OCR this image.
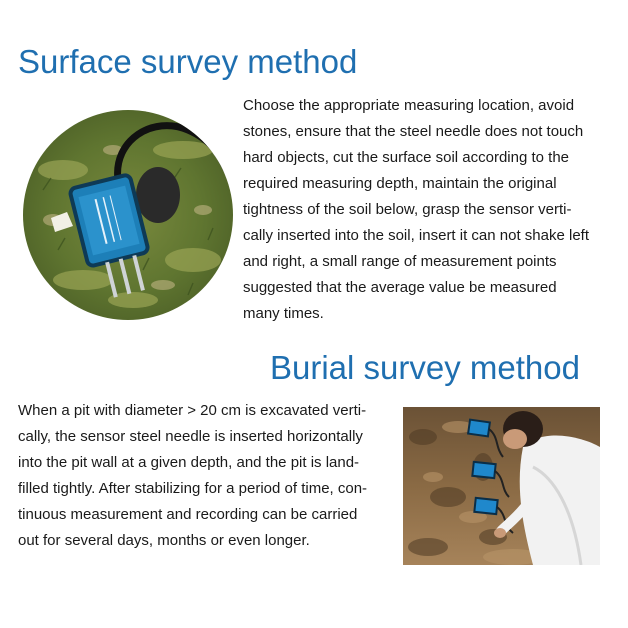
Surface survey method

Choose the appropriate measuring location, avoid
stones, ensure that the steel needle does not touch
hard objects, cut the surface soil according to the
required measuring depth, maintain the original
tightness of the soil below, grasp the sensor verti-
cally inserted into the soil, insert it can not shake left
and right, a small range of measurement points
suggested that the average value be measured
many times.

Burial survey method

When a pit with diameter > 20 cm is excavated verti-
cally, the sensor steel needle is inserted horizontally
into the pit wall at a given depth, and the pit is land-
filled tightly. After stabilizing for a period of time, con-
tinuous measurement and recording can be carried
out for several days, months or even longer.
